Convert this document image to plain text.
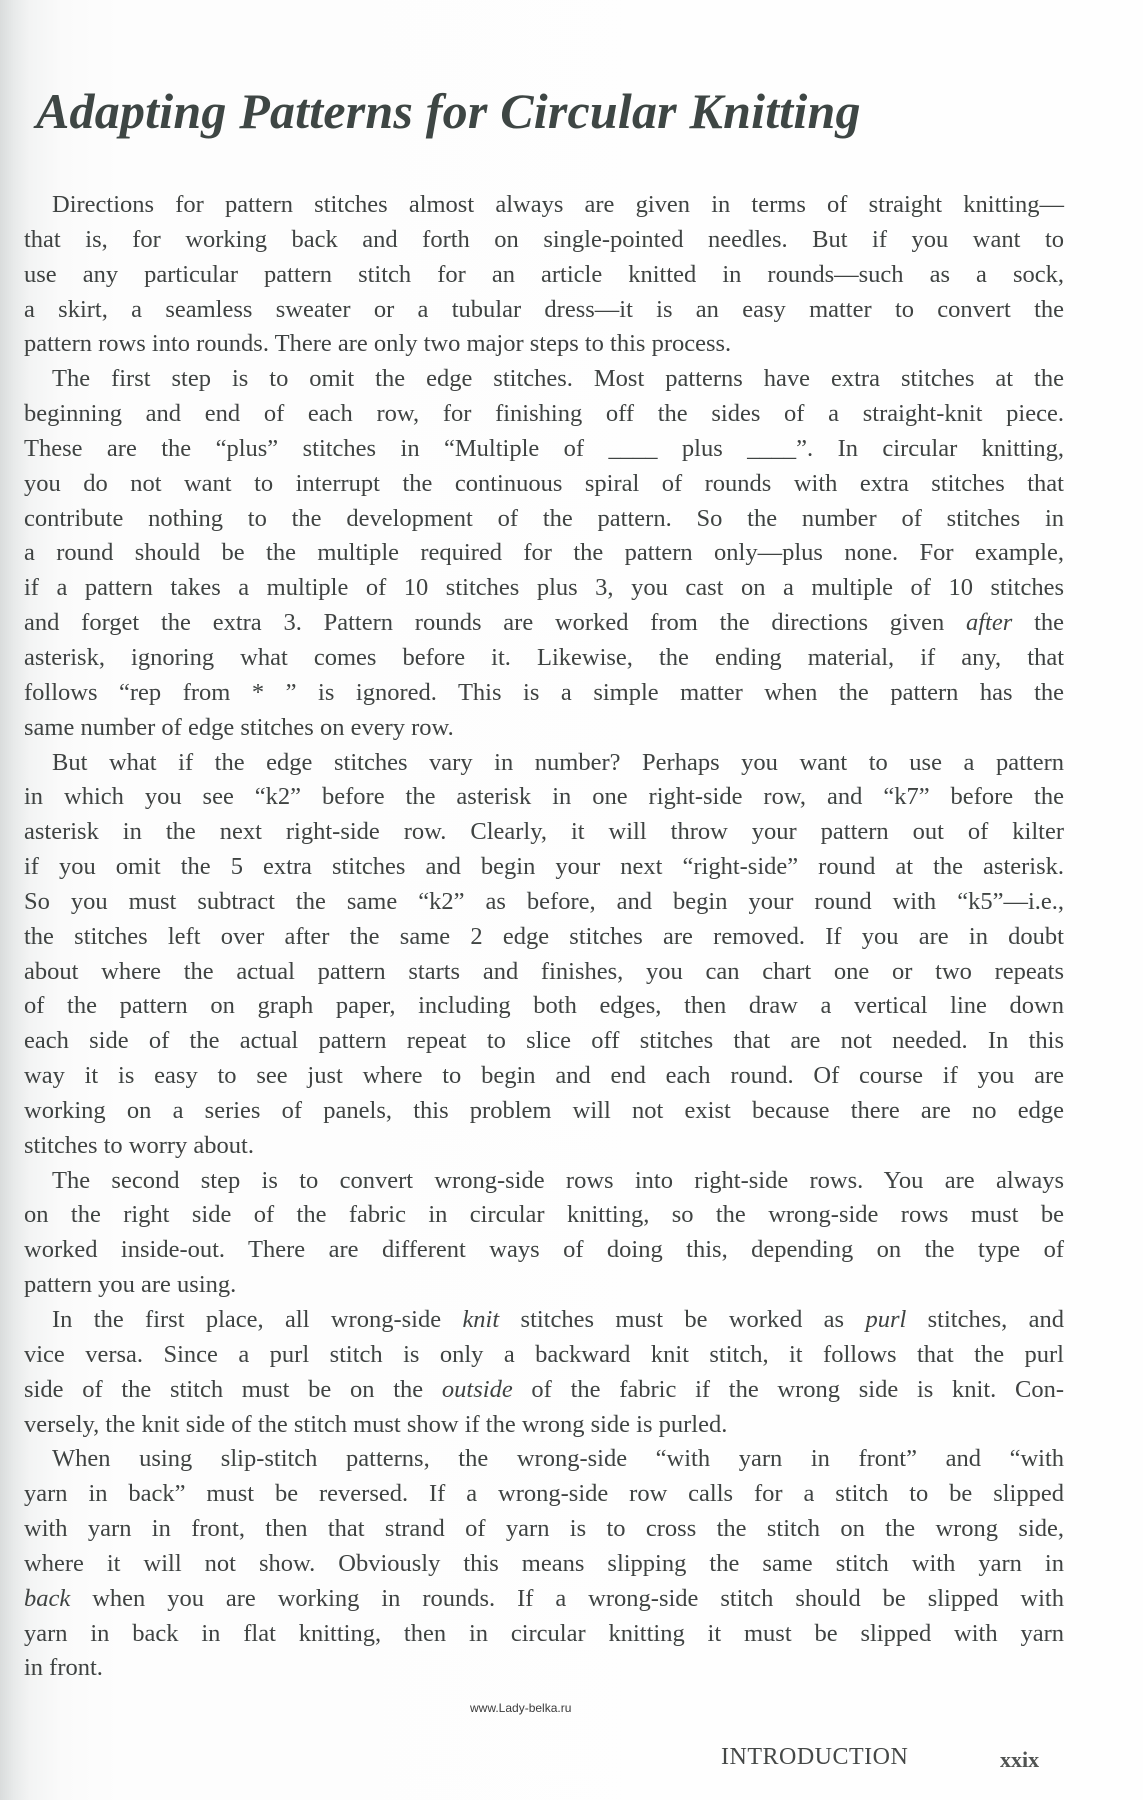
Adapting Patterns for Circular Knitting
Directions for pattern stitches almost always are given in terms of straight knitting—
that is, for working back and forth on single-pointed needles. But if you want to
use any particular pattern stitch for an article knitted in rounds—such as a sock,
a skirt, a seamless sweater or a tubular dress—it is an easy matter to convert the
pattern rows into rounds. There are only two major steps to this process.
The first step is to omit the edge stitches. Most patterns have extra stitches at the
beginning and end of each row, for finishing off the sides of a straight-knit piece.
These are the “plus” stitches in “Multiple of ____ plus ____”. In circular knitting,
you do not want to interrupt the continuous spiral of rounds with extra stitches that
contribute nothing to the development of the pattern. So the number of stitches in
a round should be the multiple required for the pattern only—plus none. For example,
if a pattern takes a multiple of 10 stitches plus 3, you cast on a multiple of 10 stitches
and forget the extra 3. Pattern rounds are worked from the directions given after the
asterisk, ignoring what comes before it. Likewise, the ending material, if any, that
follows “rep from * ” is ignored. This is a simple matter when the pattern has the
same number of edge stitches on every row.
But what if the edge stitches vary in number? Perhaps you want to use a pattern
in which you see “k2” before the asterisk in one right-side row, and “k7” before the
asterisk in the next right-side row. Clearly, it will throw your pattern out of kilter
if you omit the 5 extra stitches and begin your next “right-side” round at the asterisk.
So you must subtract the same “k2” as before, and begin your round with “k5”—i.e.,
the stitches left over after the same 2 edge stitches are removed. If you are in doubt
about where the actual pattern starts and finishes, you can chart one or two repeats
of the pattern on graph paper, including both edges, then draw a vertical line down
each side of the actual pattern repeat to slice off stitches that are not needed. In this
way it is easy to see just where to begin and end each round. Of course if you are
working on a series of panels, this problem will not exist because there are no edge
stitches to worry about.
The second step is to convert wrong-side rows into right-side rows. You are always
on the right side of the fabric in circular knitting, so the wrong-side rows must be
worked inside-out. There are different ways of doing this, depending on the type of
pattern you are using.
In the first place, all wrong-side knit stitches must be worked as purl stitches, and
vice versa. Since a purl stitch is only a backward knit stitch, it follows that the purl
side of the stitch must be on the outside of the fabric if the wrong side is knit. Con-
versely, the knit side of the stitch must show if the wrong side is purled.
When using slip-stitch patterns, the wrong-side “with yarn in front” and “with
yarn in back” must be reversed. If a wrong-side row calls for a stitch to be slipped
with yarn in front, then that strand of yarn is to cross the stitch on the wrong side,
where it will not show. Obviously this means slipping the same stitch with yarn in
back when you are working in rounds. If a wrong-side stitch should be slipped with
yarn in back in flat knitting, then in circular knitting it must be slipped with yarn
in front.
www.Lady-belka.ru
INTRODUCTION	xxix
